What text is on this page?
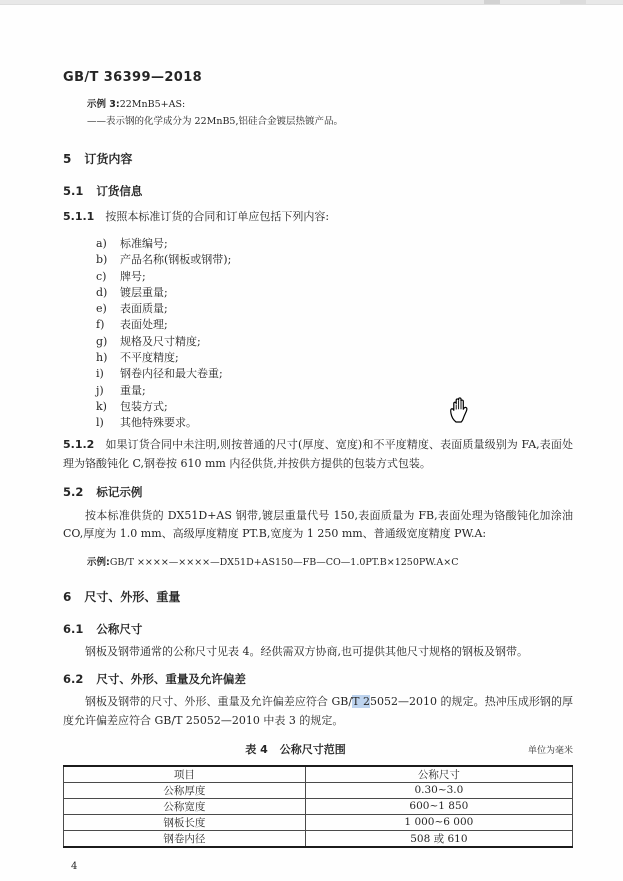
GB/T 36399—2018
示例 3:22MnB5+AS:
——表示钢的化学成分为 22MnB5,铝硅合金镀层热镀产品。
5 订货内容
5.1 订货信息

5.1.1 按照本标准订货的合同和订单应包括下列内容:

a)	标准编号;
b)	产品名称(钢板或钢带);
c)	牌号;
d)	镀层重量;
e)	表面质量;
f)	表面处理;
g)	规格及尺寸精度;
h)	不平度精度;
i)	钢卷内径和最大卷重;
j)	重量;
k)	包装方式;
l)	其他特殊要求。

5.1.2 如果订货合同中未注明,则按普通的尺寸(厚度、宽度)和不平度精度、表面质量级别为 FA,表面处理为铬酸钝化 C,钢卷按 610 mm 内径供货,并按供方提供的包装方式包装。

5.2 标记示例

按本标准供货的 DX51D+AS 钢带,镀层重量代号 150,表面质量为 FB,表面处理为铬酸钝化加涂油 CO,厚度为 1.0 mm、高级厚度精度 PT.B,宽度为 1 250 mm、普通级宽度精度 PW.A:

示例:GB/T ××××—××××—DX51D+AS150—FB—CO—1.0PT.B×1250PW.A×C
6 尺寸、外形、重量
6.1 公称尺寸

钢板及钢带通常的公称尺寸见表 4。经供需双方协商,也可提供其他尺寸规格的钢板及钢带。

6.2 尺寸、外形、重量及允许偏差

钢板及钢带的尺寸、外形、重量及允许偏差应符合 GB/T 25052—2010 的规定。热冲压成形钢的厚度允许偏差应符合 GB/T 25052—2010 中表 3 的规定。

表 4 公称尺寸范围	单位为毫米
项目	公称尺寸
公称厚度	0.30~3.0
公称宽度	600~1 850
钢板长度	1 000~6 000
钢卷内径	508 或 610
4
